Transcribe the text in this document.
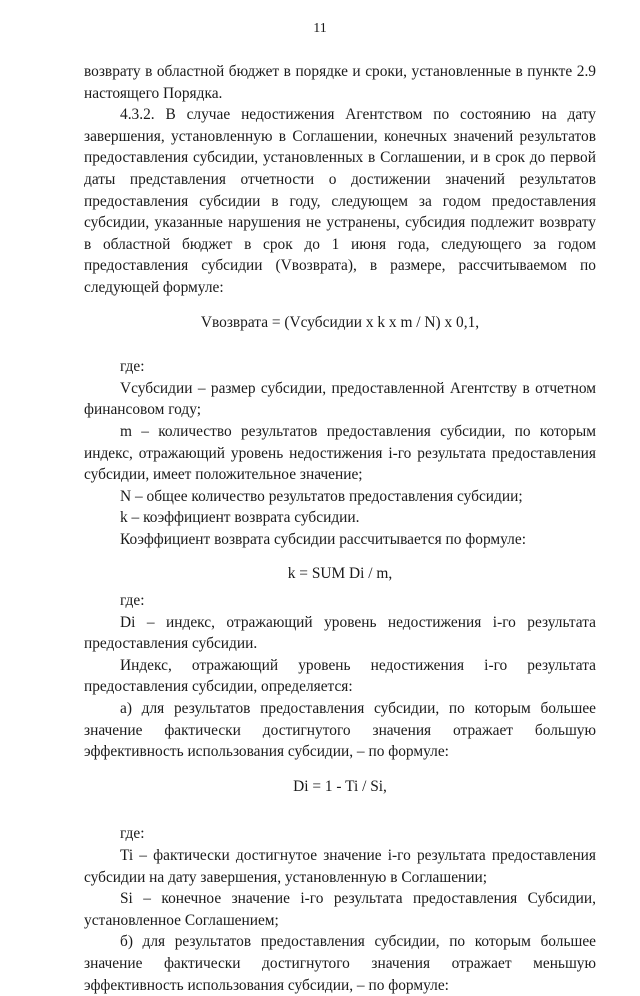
11

возврату в областной бюджет в порядке и сроки, установленные в пункте 2.9 настоящего Порядка.

4.3.2. В случае недостижения Агентством по состоянию на дату завершения, установленную в Соглашении, конечных значений результатов предоставления субсидии, установленных в Соглашении, и в срок до первой даты представления отчетности о достижении значений результатов предоставления субсидии в году, следующем за годом предоставления субсидии, указанные нарушения не устранены, субсидия подлежит возврату в областной бюджет в срок до 1 июня года, следующего за годом предоставления субсидии (Vвозврата), в размере, рассчитываемом по следующей формуле:

Vвозврата = (Vсубсидии x k x m / N) x 0,1,

где:

Vсубсидии – размер субсидии, предоставленной Агентству в отчетном финансовом году;

m – количество результатов предоставления субсидии, по которым индекс, отражающий уровень недостижения i-го результата предоставления субсидии, имеет положительное значение;

N – общее количество результатов предоставления субсидии;

k – коэффициент возврата субсидии.

Коэффициент возврата субсидии рассчитывается по формуле:

k = SUM Di / m,

где:

Di – индекс, отражающий уровень недостижения i-го результата предоставления субсидии.

Индекс, отражающий уровень недостижения i-го результата предоставления субсидии, определяется:

а) для результатов предоставления субсидии, по которым большее значение фактически достигнутого значения отражает большую эффективность использования субсидии, – по формуле:

Di = 1 - Ti / Si,

где:

Ti – фактически достигнутое значение i-го результата предоставления субсидии на дату завершения, установленную в Соглашении;

Si – конечное значение i-го результата предоставления Субсидии, установленное Соглашением;

б) для результатов предоставления субсидии, по которым большее значение фактически достигнутого значения отражает меньшую эффективность использования субсидии, – по формуле:
